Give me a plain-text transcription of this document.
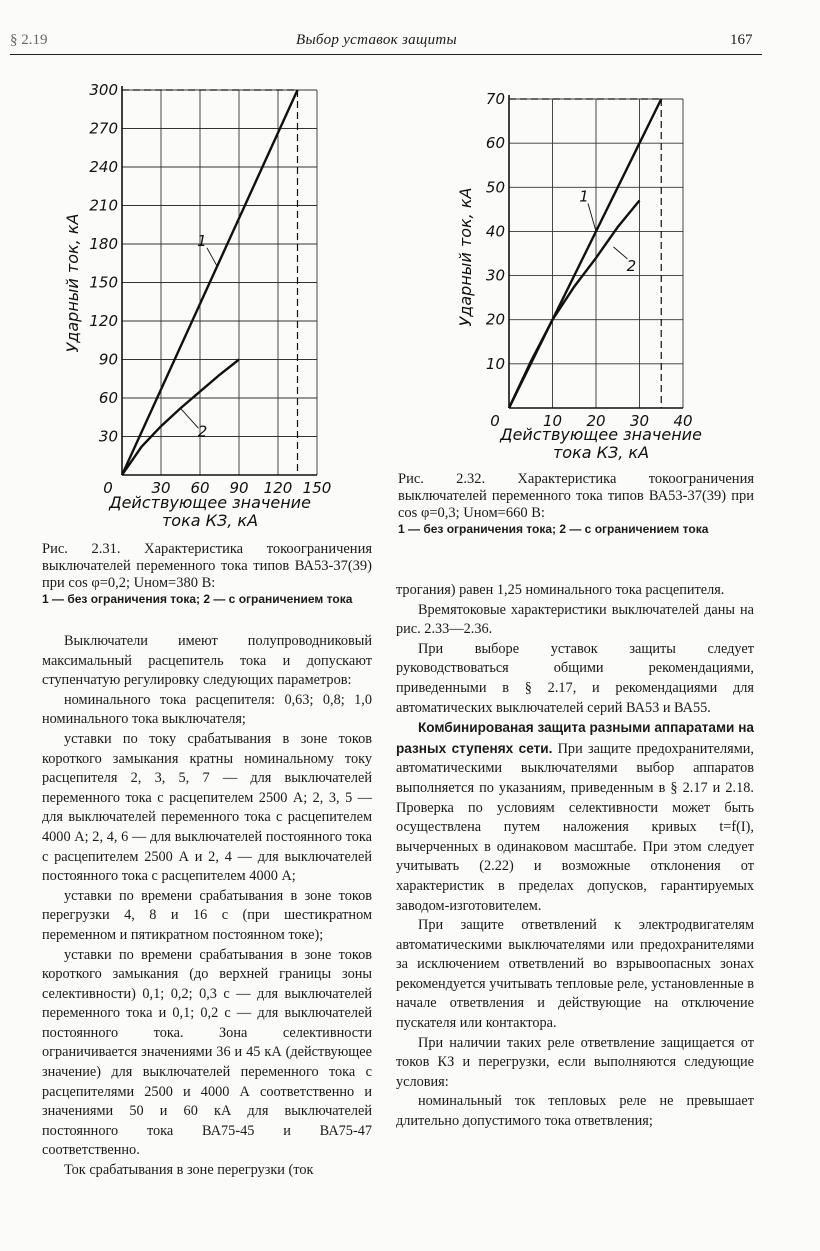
§ 2.19	Выбор уставок защиты	167
0	30 60 90 120 150
30
60
90
120
150
180
210
240
270
300
1
2
Ударный ток, кА
Действующее значение
тока КЗ, кА
0	10 20 30 40
10
20
30
40
50
60
70
1
2
Ударный ток, кА
Действующее значение
тока КЗ, кА
Рис. 2.31. Характеристика токоограничения выключателей переменного тока типов ВА53-37(39) при cos φ=0,2; Uном=380 В:
1 — без ограничения тока; 2 — с ограничением тока
Рис. 2.32. Характеристика токоограничения выключателей переменного тока типов ВА53-37(39) при cos φ=0,3; Uном=660 В:
1 — без ограничения тока; 2 — с ограничением тока

Выключатели имеют полупроводниковый максимальный расцепитель тока и допускают ступенчатую регулировку следующих параметров:

номинального тока расцепителя: 0,63; 0,8; 1,0 номинального тока выключателя;

уставки по току срабатывания в зоне токов короткого замыкания кратны номинальному току расцепителя 2, 3, 5, 7 — для выключателей переменного тока с расцепителем 2500 А; 2, 3, 5 — для выключателей переменного тока с расцепителем 4000 А; 2, 4, 6 — для выключателей постоянного тока с расцепителем 2500 А и 2, 4 — для выключателей постоянного тока с расцепителем 4000 А;

уставки по времени срабатывания в зоне токов перегрузки 4, 8 и 16 с (при шестикратном переменном и пятикратном постоянном токе);

уставки по времени срабатывания в зоне токов короткого замыкания (до верхней границы зоны селективности) 0,1; 0,2; 0,3 с — для выключателей переменного тока и 0,1; 0,2 с — для выключателей постоянного тока. Зона селективности ограничивается значениями 36 и 45 кА (действующее значение) для выключателей переменного тока с расцепителями 2500 и 4000 А соответственно и значениями 50 и 60 кА для выключателей постоянного тока ВА75-45 и ВА75-47 соответственно.

Ток срабатывания в зоне перегрузки (ток

трогания) равен 1,25 номинального тока расцепителя.

Времятоковые характеристики выключателей даны на рис. 2.33—2.36.

При выборе уставок защиты следует руководствоваться общими рекомендациями, приведенными в § 2.17, и рекомендациями для автоматических выключателей серий ВА53 и ВА55.

Комбинированая защита разными аппаратами на разных ступенях сети. При защите предохранителями, автоматическими выключателями выбор аппаратов выполняется по указаниям, приведенным в § 2.17 и 2.18. Проверка по условиям селективности может быть осуществлена путем наложения кривых t=f(I), вычерченных в одинаковом масштабе. При этом следует учитывать (2.22) и возможные отклонения от характеристик в пределах допусков, гарантируемых заводом-изготовителем.

При защите ответвлений к электродвигателям автоматическими выключателями или предохранителями за исключением ответвлений во взрывоопасных зонах рекомендуется учитывать тепловые реле, установленные в начале ответвления и действующие на отключение пускателя или контактора.

При наличии таких реле ответвление защищается от токов КЗ и перегрузки, если выполняются следующие условия:

номинальный ток тепловых реле не превышает длительно допустимого тока ответвления;
